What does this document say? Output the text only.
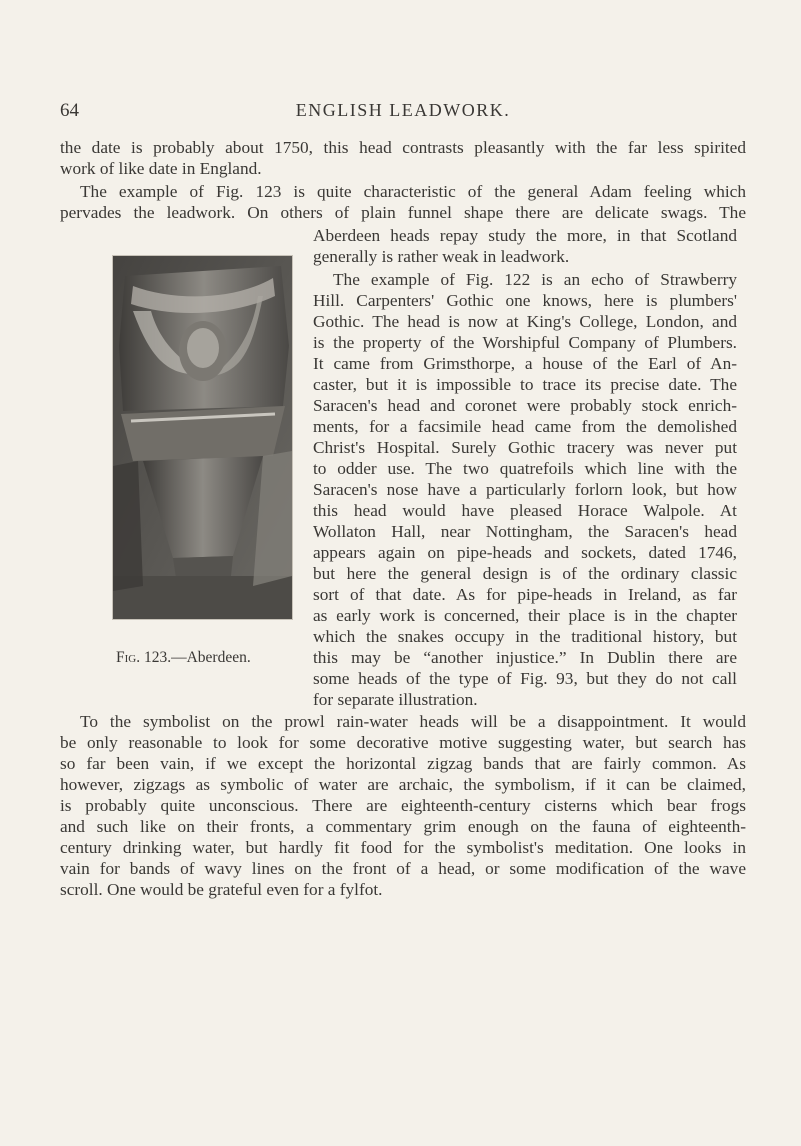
64	ENGLISH LEADWORK.
the date is probably about 1750, this head contrasts pleasantly with the far less spirited
work of like date in England.
The example of Fig. 123 is quite characteristic of the general Adam feeling which
pervades the leadwork. On others of plain funnel shape there are delicate swags. The
Aberdeen heads repay study the more, in that Scotland
generally is rather weak in leadwork.
The example of Fig. 122 is an echo of Strawberry
Hill. Carpenters' Gothic one knows, here is plumbers'
Gothic. The head is now at King's College, London, and
is the property of the Worshipful Company of Plumbers.
It came from Grimsthorpe, a house of the Earl of An-
caster, but it is impossible to trace its precise date. The
Saracen's head and coronet were probably stock enrich-
ments, for a facsimile head came from the demolished
Christ's Hospital. Surely Gothic tracery was never put
to odder use. The two quatrefoils which line with the
Saracen's nose have a particularly forlorn look, but how
this head would have pleased Horace Walpole. At
Wollaton Hall, near Nottingham, the Saracen's head
appears again on pipe-heads and sockets, dated 1746,
but here the general design is of the ordinary classic
sort of that date. As for pipe-heads in Ireland, as far
as early work is concerned, their place is in the chapter
which the snakes occupy in the traditional history, but
this may be “another injustice.” In Dublin there are
some heads of the type of Fig. 93, but they do not call
for separate illustration.
Fig. 123.—Aberdeen.
To the symbolist on the prowl rain-water heads will be a disappointment. It would
be only reasonable to look for some decorative motive suggesting water, but search has
so far been vain, if we except the horizontal zigzag bands that are fairly common. As
however, zigzags as symbolic of water are archaic, the symbolism, if it can be claimed,
is probably quite unconscious. There are eighteenth-century cisterns which bear frogs
and such like on their fronts, a commentary grim enough on the fauna of eighteenth-
century drinking water, but hardly fit food for the symbolist's meditation. One looks in
vain for bands of wavy lines on the front of a head, or some modification of the wave
scroll. One would be grateful even for a fylfot.
